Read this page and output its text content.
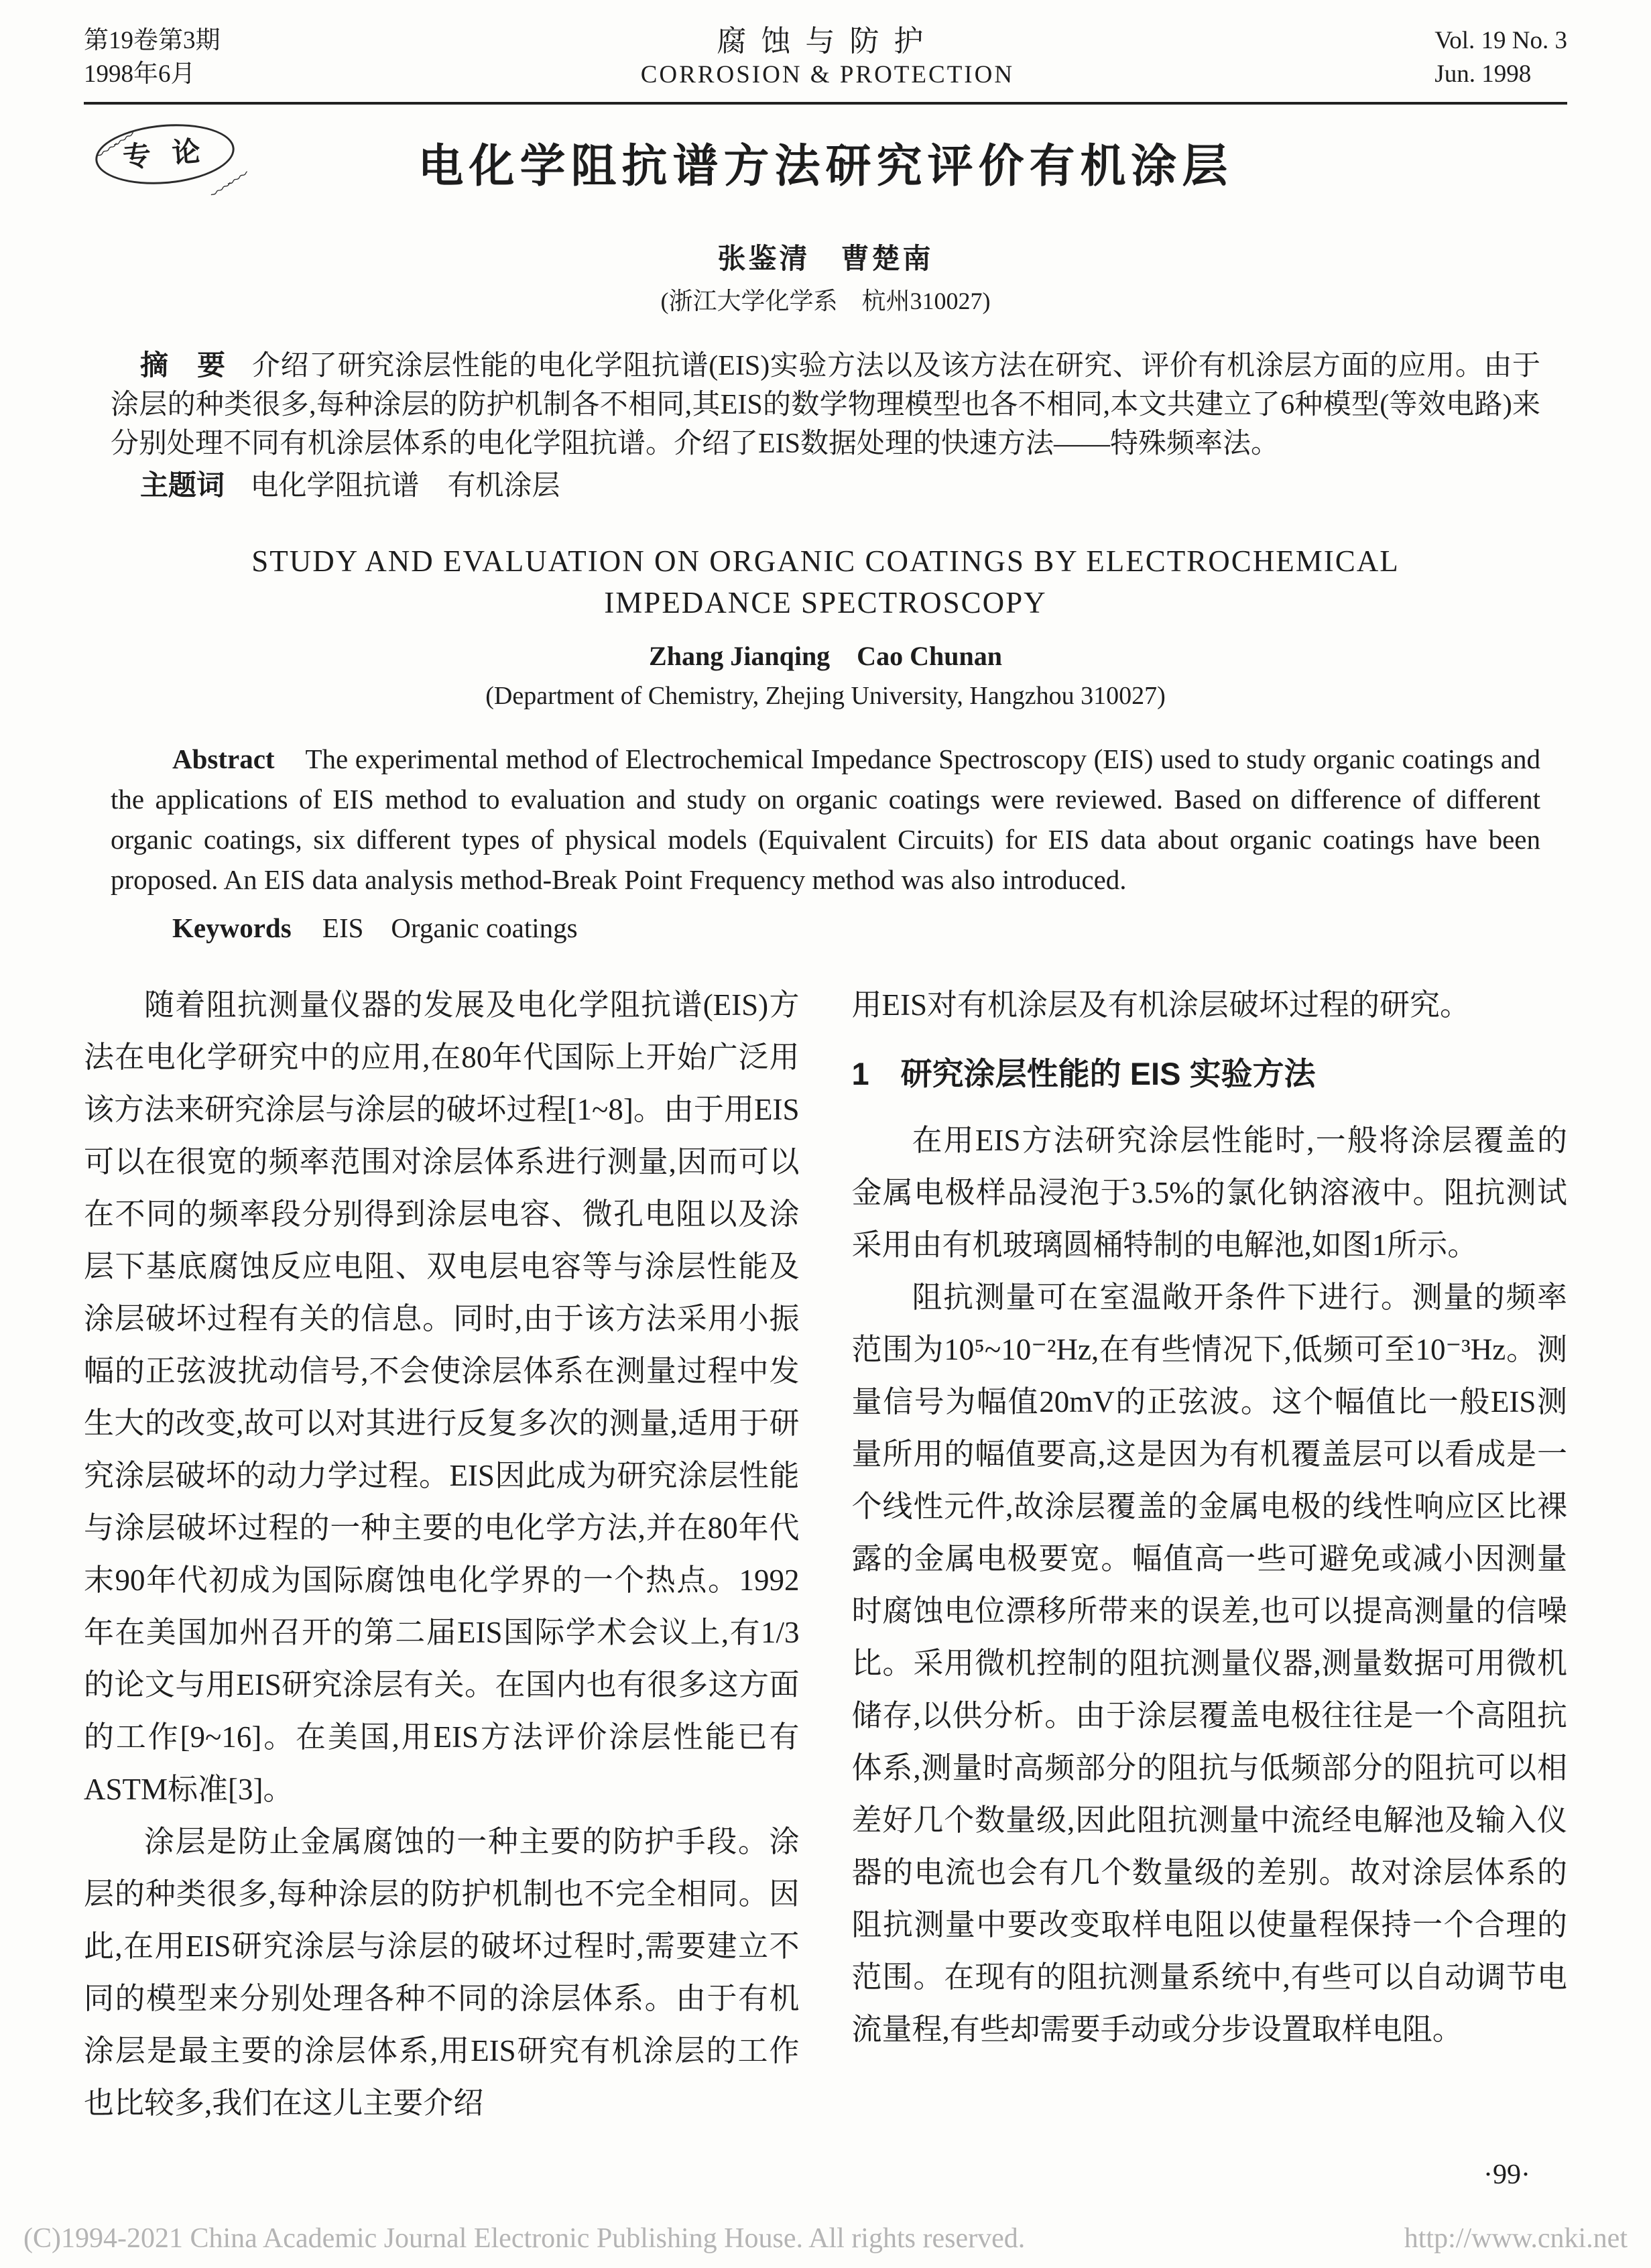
第19卷第3期
1998年6月
腐蚀与防护
CORROSION & PROTECTION
Vol. 19 No. 3
Jun. 1998
﹏﹏
专 论
﹏﹏	电化学阻抗谱方法研究评价有机涂层
张鉴清　曹楚南
(浙江大学化学系　杭州310027)

摘　要 介绍了研究涂层性能的电化学阻抗谱(EIS)实验方法以及该方法在研究、评价有机涂层方面的应用。由于涂层的种类很多,每种涂层的防护机制各不相同,其EIS的数学物理模型也各不相同,本文共建立了6种模型(等效电路)来分别处理不同有机涂层体系的电化学阻抗谱。介绍了EIS数据处理的快速方法——特殊频率法。

主题词 电化学阻抗谱　有机涂层

STUDY AND EVALUATION ON ORGANIC COATINGS BY ELECTROCHEMICAL
IMPEDANCE SPECTROSCOPY
Zhang Jianqing　Cao Chunan
(Department of Chemistry, Zhejing University, Hangzhou 310027)

Abstract The experimental method of Electrochemical Impedance Spectroscopy (EIS) used to study organic coatings and the applications of EIS method to evaluation and study on organic coatings were reviewed. Based on difference of different organic coatings, six different types of physical models (Equivalent Circuits) for EIS data about organic coatings have been proposed. An EIS data analysis method-Break Point Frequency method was also introduced.

Keywords EIS　Organic coatings

随着阻抗测量仪器的发展及电化学阻抗谱(EIS)方法在电化学研究中的应用,在80年代国际上开始广泛用该方法来研究涂层与涂层的破坏过程[1~8]。由于用EIS可以在很宽的频率范围对涂层体系进行测量,因而可以在不同的频率段分别得到涂层电容、微孔电阻以及涂层下基底腐蚀反应电阻、双电层电容等与涂层性能及涂层破坏过程有关的信息。同时,由于该方法采用小振幅的正弦波扰动信号,不会使涂层体系在测量过程中发生大的改变,故可以对其进行反复多次的测量,适用于研究涂层破坏的动力学过程。EIS因此成为研究涂层性能与涂层破坏过程的一种主要的电化学方法,并在80年代末90年代初成为国际腐蚀电化学界的一个热点。1992年在美国加州召开的第二届EIS国际学术会议上,有1/3的论文与用EIS研究涂层有关。在国内也有很多这方面的工作[9~16]。在美国,用EIS方法评价涂层性能已有ASTM标准[3]。

涂层是防止金属腐蚀的一种主要的防护手段。涂层的种类很多,每种涂层的防护机制也不完全相同。因此,在用EIS研究涂层与涂层的破坏过程时,需要建立不同的模型来分别处理各种不同的涂层体系。由于有机涂层是最主要的涂层体系,用EIS研究有机涂层的工作也比较多,我们在这儿主要介绍

用EIS对有机涂层及有机涂层破坏过程的研究。

1　研究涂层性能的 EIS 实验方法

在用EIS方法研究涂层性能时,一般将涂层覆盖的金属电极样品浸泡于3.5%的氯化钠溶液中。阻抗测试采用由有机玻璃圆桶特制的电解池,如图1所示。

阻抗测量可在室温敞开条件下进行。测量的频率范围为10⁵~10⁻²Hz,在有些情况下,低频可至10⁻³Hz。测量信号为幅值20mV的正弦波。这个幅值比一般EIS测量所用的幅值要高,这是因为有机覆盖层可以看成是一个线性元件,故涂层覆盖的金属电极的线性响应区比裸露的金属电极要宽。幅值高一些可避免或减小因测量时腐蚀电位漂移所带来的误差,也可以提高测量的信噪比。采用微机控制的阻抗测量仪器,测量数据可用微机储存,以供分析。由于涂层覆盖电极往往是一个高阻抗体系,测量时高频部分的阻抗与低频部分的阻抗可以相差好几个数量级,因此阻抗测量中流经电解池及输入仪器的电流也会有几个数量级的差别。故对涂层体系的阻抗测量中要改变取样电阻以使量程保持一个合理的范围。在现有的阻抗测量系统中,有些可以自动调节电流量程,有些却需要手动或分步设置取样电阻。

·99·
(C)1994-2021 China Academic Journal Electronic Publishing House. All rights reserved.	http://www.cnki.net
